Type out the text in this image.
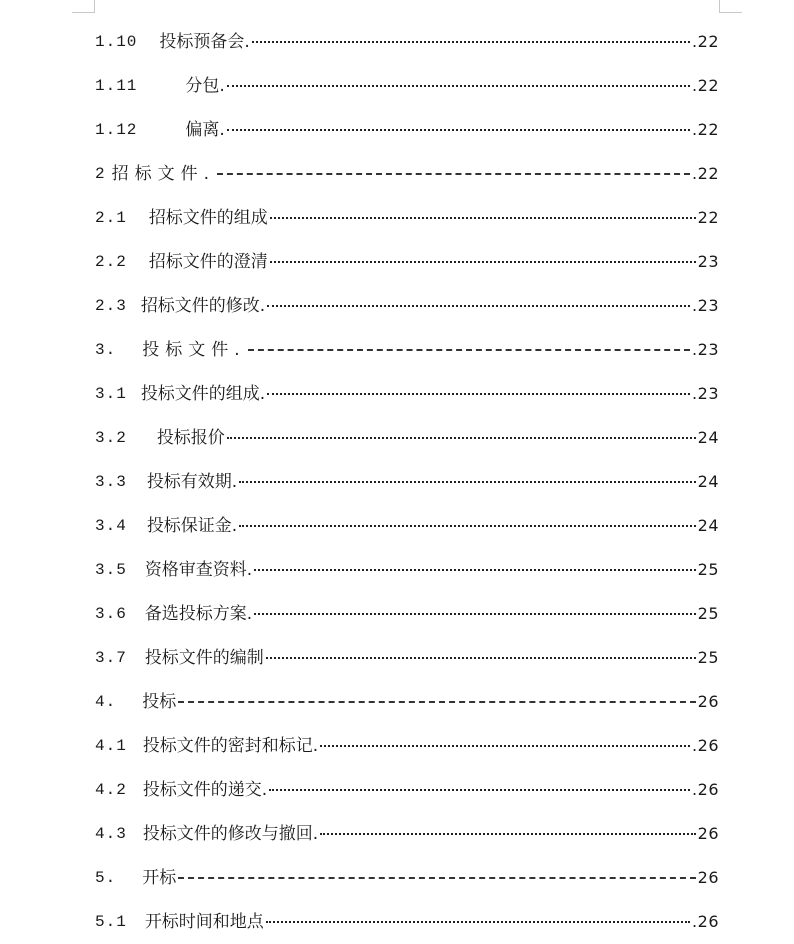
1.10 投标预备会.	.22
1.11	分包.	.22
1.12	偏离.	.22
2 招标文件.	.22
2.1 招标文件的组成	22
2.2 招标文件的澄清	23
2.3 招标文件的修改.	.23
3. 投标文件.	.23
3.1 投标文件的组成.	.23
3.2 投标报价	24
3.3 投标有效期.	24
3.4 投标保证金.	24
3.5 资格审查资料.	25
3.6 备选投标方案.	25
3.7 投标文件的编制	25
4. 投标	26
4.1 投标文件的密封和标记.	.26
4.2 投标文件的递交.	.26
4.3 投标文件的修改与撤回.	26
5. 开标	26
5.1 开标时间和地点	.26
